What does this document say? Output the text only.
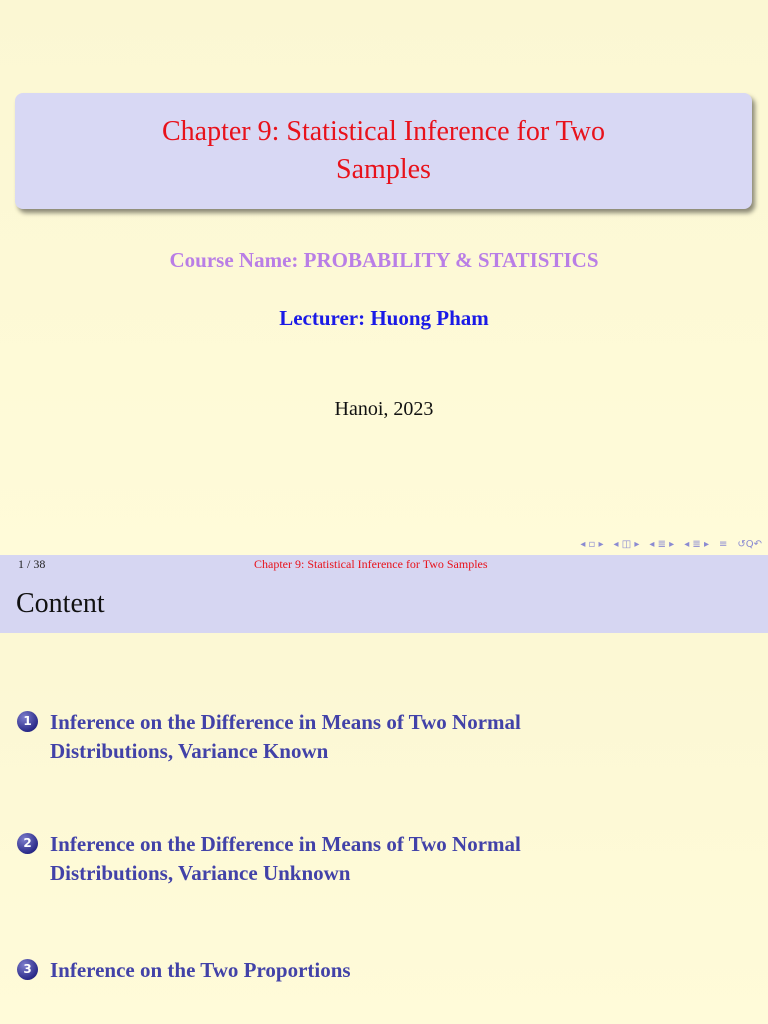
Chapter 9: Statistical Inference for Two
Samples
Course Name: PROBABILITY & STATISTICS
Lecturer: Huong Pham
Hanoi, 2023
◂ ▫ ▸ ◂ ◫ ▸ ◂ ≣ ▸ ◂ ≣ ▸ ≡ ↺Q↶
1 / 38	Chapter 9: Statistical Inference for Two Samples
Content
1 Inference on the Difference in Means of Two Normal
Distributions, Variance Known
2 Inference on the Difference in Means of Two Normal
Distributions, Variance Unknown
3 Inference on the Two Proportions
